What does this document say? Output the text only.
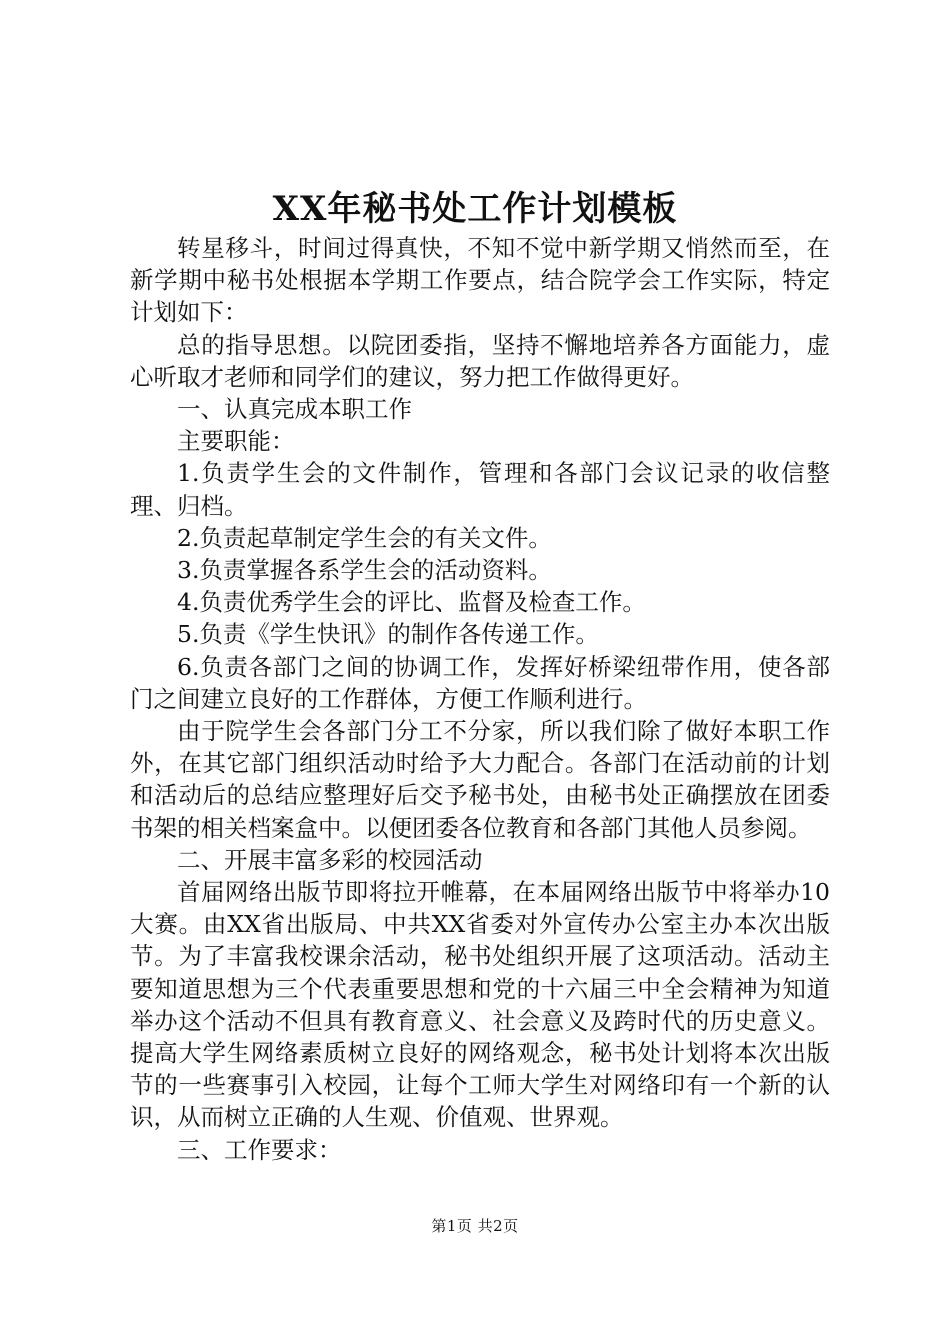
XX年秘书处工作计划模板

转星移斗，时间过得真快，不知不觉中新学期又悄然而至，在新学期中秘书处根据本学期工作要点，结合院学会工作实际，特定计划如下：

总的指导思想。以院团委指，坚持不懈地培养各方面能力，虚心听取才老师和同学们的建议，努力把工作做得更好。

一、认真完成本职工作

主要职能：

1.负责学生会的文件制作，管理和各部门会议记录的收信整理、归档。

2.负责起草制定学生会的有关文件。

3.负责掌握各系学生会的活动资料。

4.负责优秀学生会的评比、监督及检查工作。

5.负责《学生快讯》的制作各传递工作。

6.负责各部门之间的协调工作，发挥好桥梁纽带作用，使各部门之间建立良好的工作群体，方便工作顺利进行。

由于院学生会各部门分工不分家，所以我们除了做好本职工作外，在其它部门组织活动时给予大力配合。各部门在活动前的计划和活动后的总结应整理好后交予秘书处，由秘书处正确摆放在团委书架的相关档案盒中。以便团委各位教育和各部门其他人员参阅。

二、开展丰富多彩的校园活动

首届网络出版节即将拉开帷幕，在本届网络出版节中将举办10大赛。由XX省出版局、中共XX省委对外宣传办公室主办本次出版节。为了丰富我校课余活动，秘书处组织开展了这项活动。活动主要知道思想为三个代表重要思想和党的十六届三中全会精神为知道举办这个活动不但具有教育意义、社会意义及跨时代的历史意义。提高大学生网络素质树立良好的网络观念，秘书处计划将本次出版节的一些赛事引入校园，让每个工师大学生对网络印有一个新的认识，从而树立正确的人生观、价值观、世界观。

三、工作要求：

第1页 共2页
